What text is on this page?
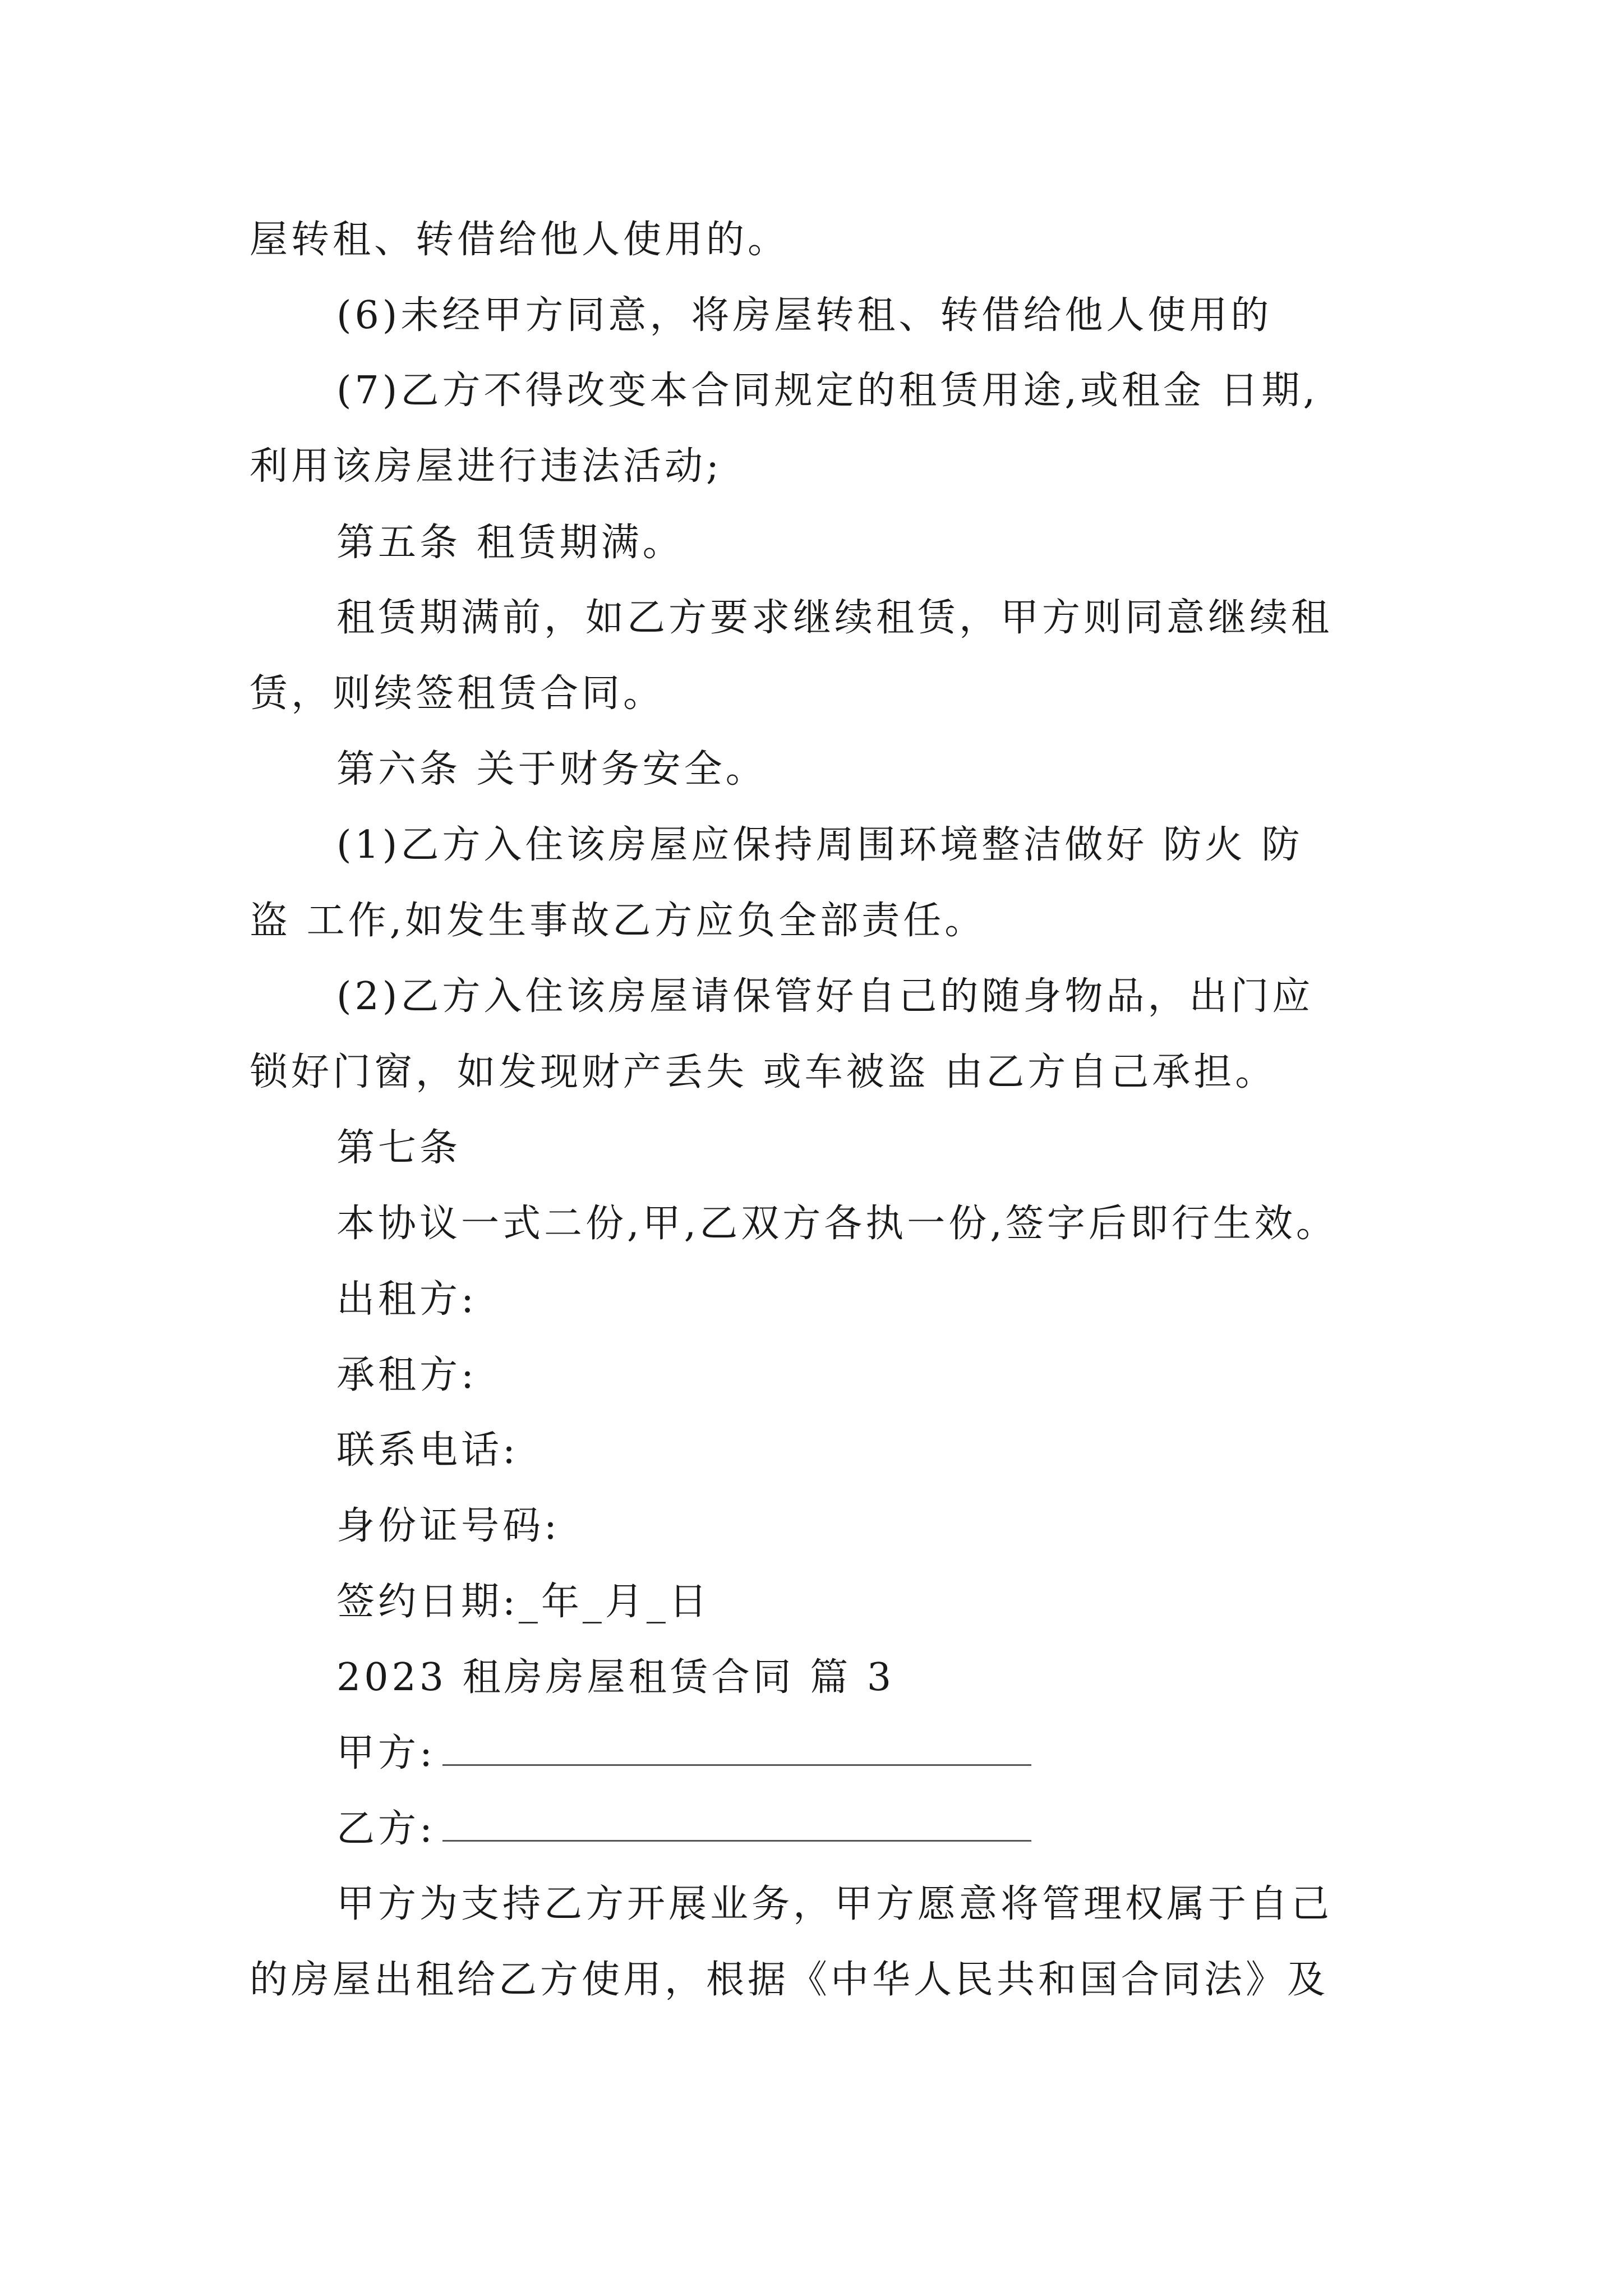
屋转租、转借给他人使用的。
(6)未经甲方同意，将房屋转租、转借给他人使用的
(7)乙方不得改变本合同规定的租赁用途,或租金 日期,
利用该房屋进行违法活动;
第五条 租赁期满。
租赁期满前，如乙方要求继续租赁，甲方则同意继续租
赁，则续签租赁合同。
第六条 关于财务安全。
(1)乙方入住该房屋应保持周围环境整洁做好 防火 防
盗 工作,如发生事故乙方应负全部责任。
(2)乙方入住该房屋请保管好自己的随身物品，出门应
锁好门窗，如发现财产丢失 或车被盗 由乙方自己承担。
第七条
本协议一式二份,甲,乙双方各执一份,签字后即行生效。
出租方:
承租方:
联系电话:
身份证号码:
签约日期:_年_月_日
2023 租房房屋租赁合同 篇 3
甲方:
乙方:
甲方为支持乙方开展业务，甲方愿意将管理权属于自己
的房屋出租给乙方使用，根据《中华人民共和国合同法》及
